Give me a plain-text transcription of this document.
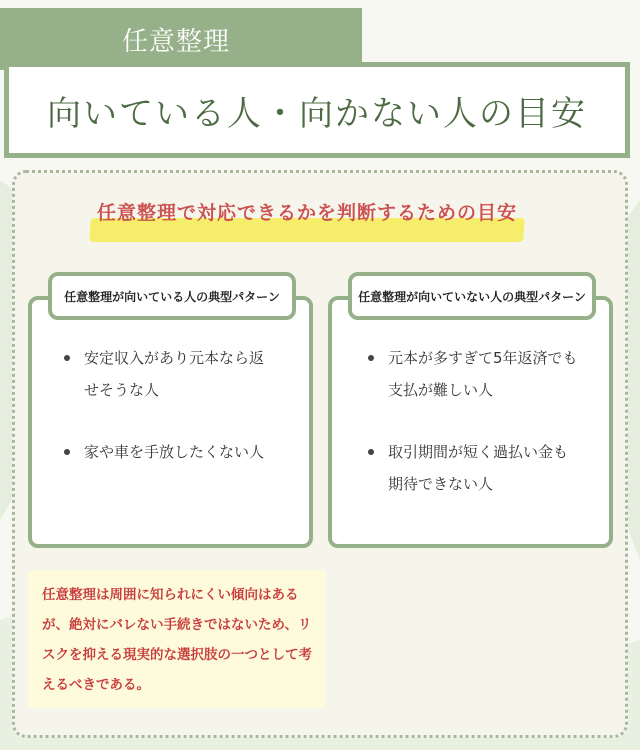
任意整理
向いている人・向かない人の目安
任意整理で対応できるかを判断するための目安
任意整理が向いている人の典型パターン
安定収入があり元本なら返せそうな人
家や車を手放したくない人
任意整理が向いていない人の典型パターン
元本が多すぎて5年返済でも支払が難しい人
取引期間が短く過払い金も期待できない人
任意整理は周囲に知られにくい傾向はあるが、絶対にバレない手続きではないため、リスクを抑える現実的な選択肢の一つとして考えるべきである。
